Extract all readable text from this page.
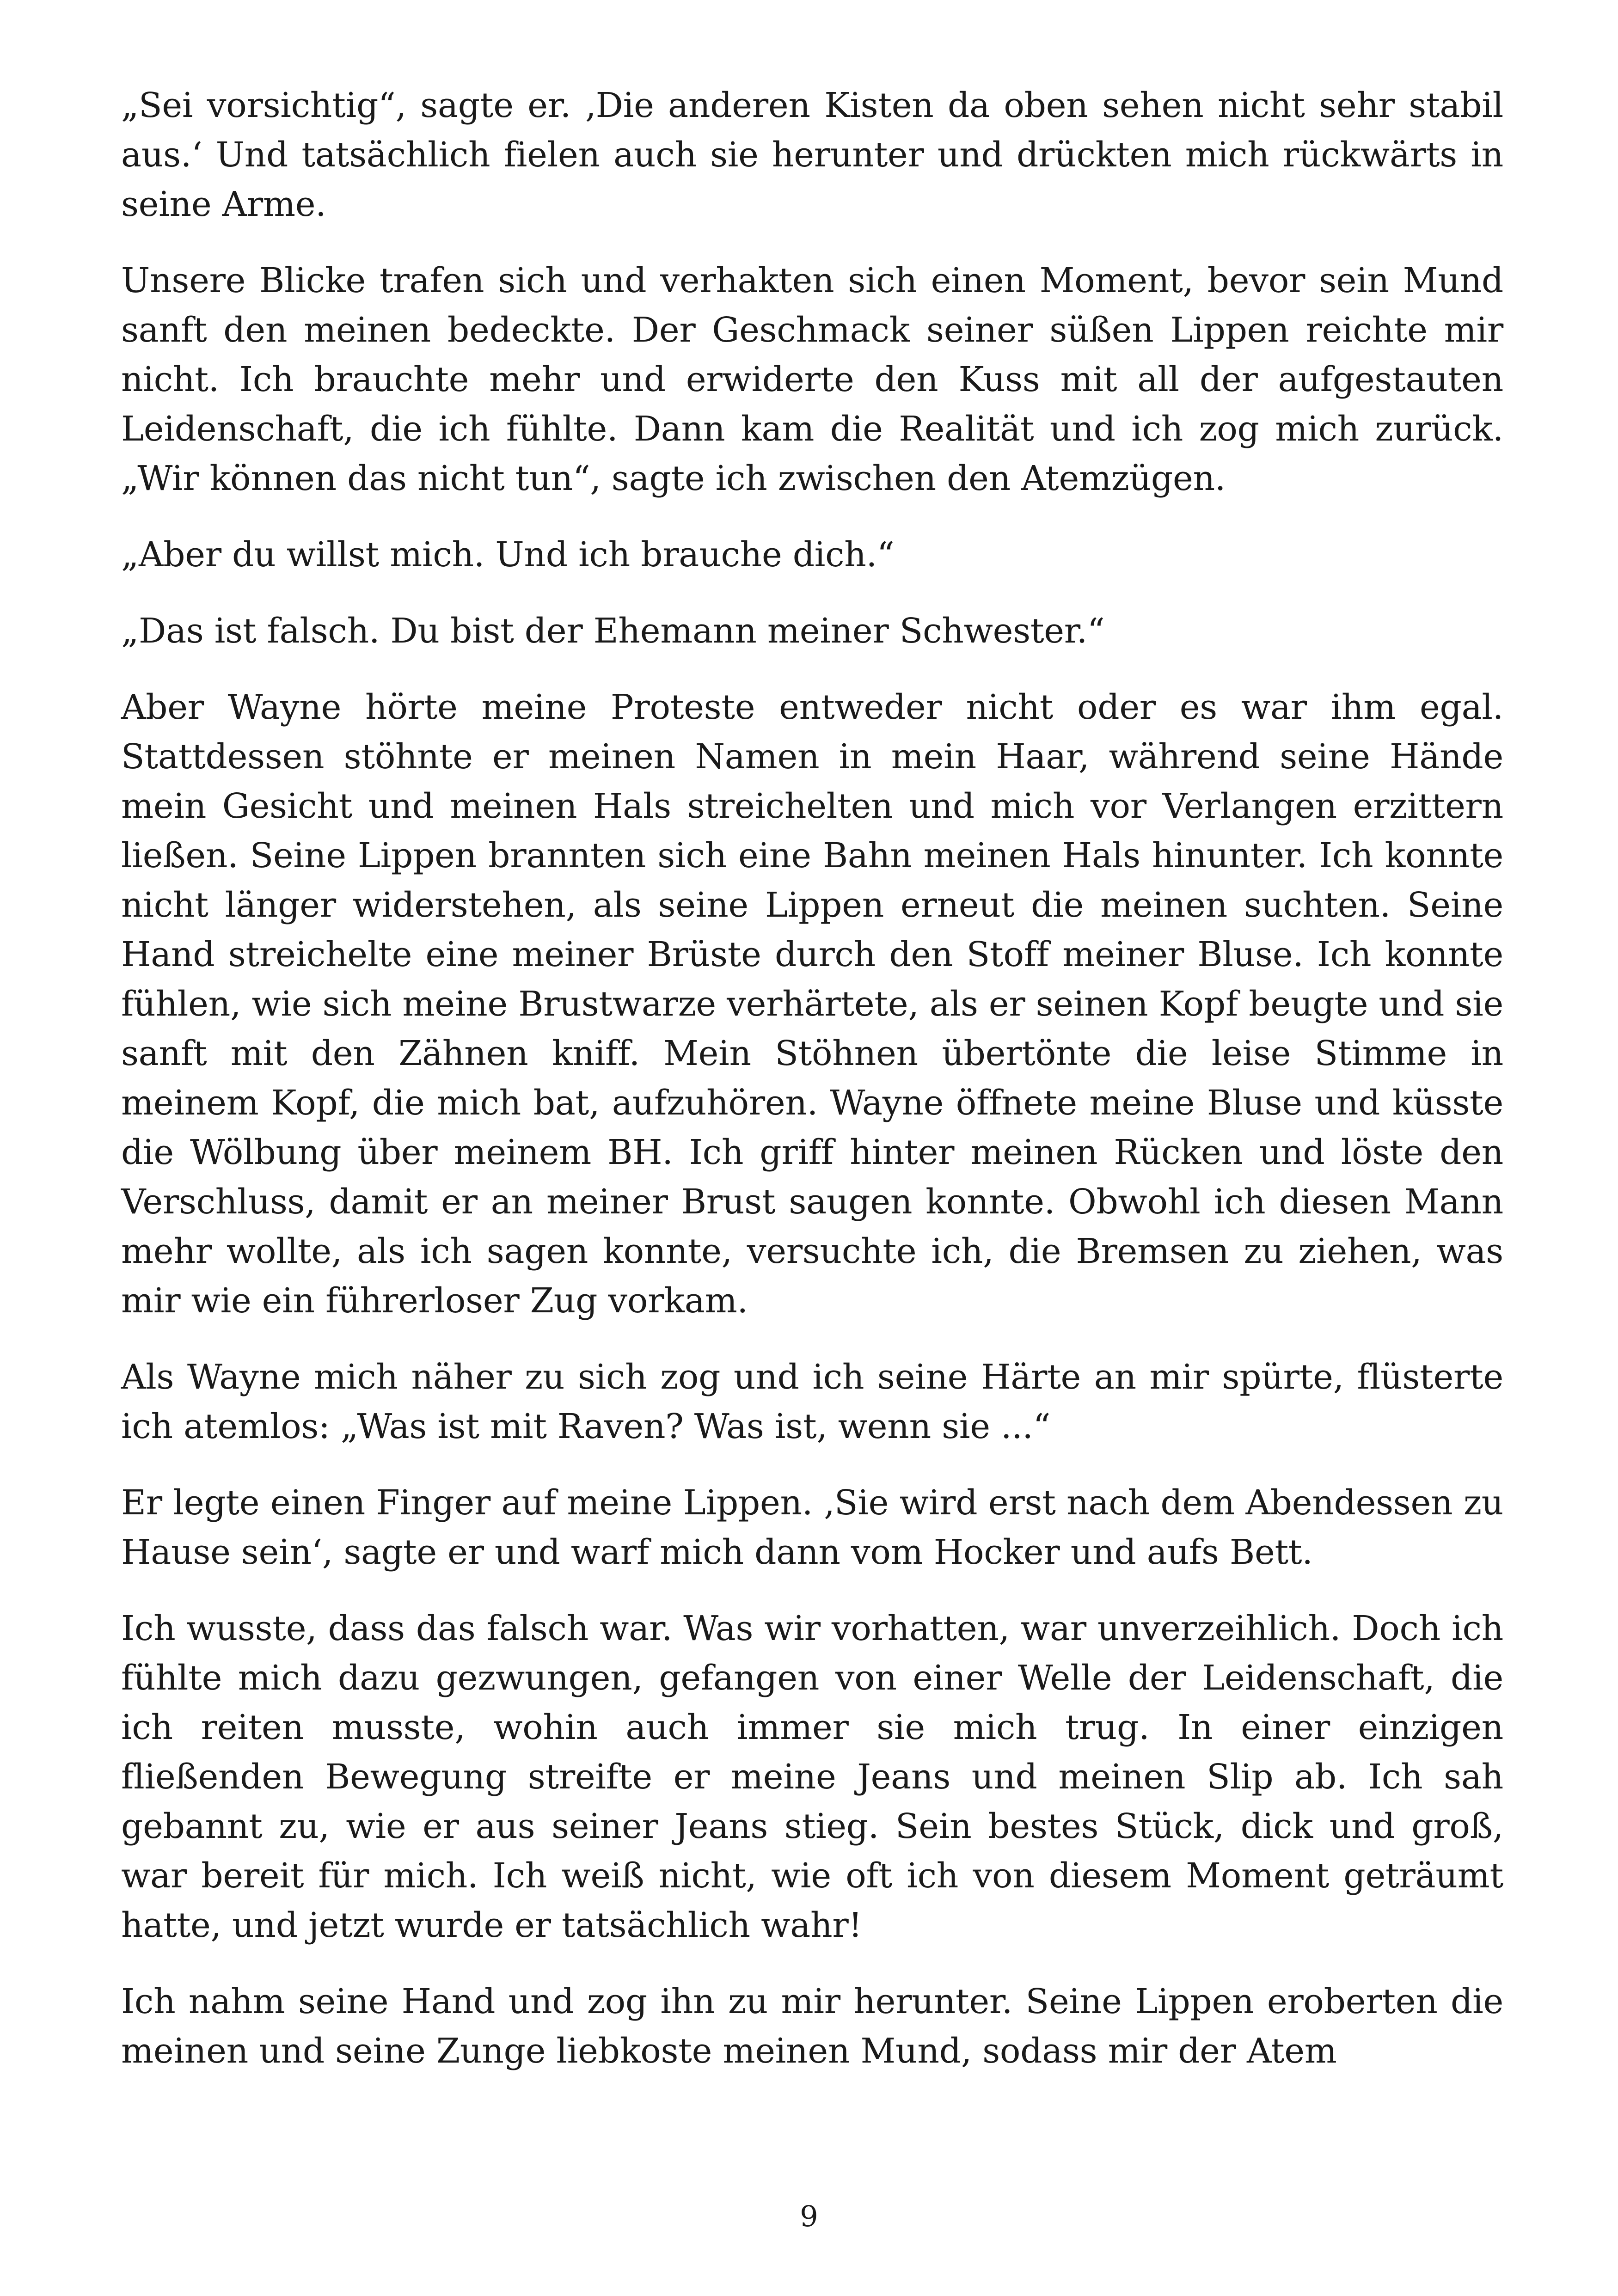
„Sei vorsichtig“, sagte er. ‚Die anderen Kisten da oben sehen nicht sehr stabil aus.‘ Und tatsächlich fielen auch sie herunter und drückten mich rückwärts in seine Arme.

Unsere Blicke trafen sich und verhakten sich einen Moment, bevor sein Mund sanft den meinen bedeckte. Der Geschmack seiner süßen Lippen reichte mir nicht. Ich brauchte mehr und erwiderte den Kuss mit all der aufgestauten Leidenschaft, die ich fühlte. Dann kam die Realität und ich zog mich zurück. „Wir können das nicht tun“, sagte ich zwischen den Atemzügen.

„Aber du willst mich. Und ich brauche dich.“

„Das ist falsch. Du bist der Ehemann meiner Schwester.“

Aber Wayne hörte meine Proteste entweder nicht oder es war ihm egal. Stattdessen stöhnte er meinen Namen in mein Haar, während seine Hände mein Gesicht und meinen Hals streichelten und mich vor Verlangen erzittern ließen. Seine Lippen brannten sich eine Bahn meinen Hals hinunter. Ich konnte nicht länger widerstehen, als seine Lippen erneut die meinen suchten. Seine Hand streichelte eine meiner Brüste durch den Stoff meiner Bluse. Ich konnte fühlen, wie sich meine Brustwarze verhärtete, als er seinen Kopf beugte und sie sanft mit den Zähnen kniff. Mein Stöhnen übertönte die leise Stimme in meinem Kopf, die mich bat, aufzuhören. Wayne öffnete meine Bluse und küsste die Wölbung über meinem BH. Ich griff hinter meinen Rücken und löste den Verschluss, damit er an meiner Brust saugen konnte. Obwohl ich diesen Mann mehr wollte, als ich sagen konnte, versuchte ich, die Bremsen zu ziehen, was mir wie ein führerloser Zug vorkam.

Als Wayne mich näher zu sich zog und ich seine Härte an mir spürte, flüsterte ich atemlos: „Was ist mit Raven? Was ist, wenn sie ...“

Er legte einen Finger auf meine Lippen. ‚Sie wird erst nach dem Abendessen zu Hause sein‘, sagte er und warf mich dann vom Hocker und aufs Bett.

Ich wusste, dass das falsch war. Was wir vorhatten, war unverzeihlich. Doch ich fühlte mich dazu gezwungen, gefangen von einer Welle der Leidenschaft, die ich reiten musste, wohin auch immer sie mich trug. In einer einzigen fließenden Bewegung streifte er meine Jeans und meinen Slip ab. Ich sah gebannt zu, wie er aus seiner Jeans stieg. Sein bestes Stück, dick und groß, war bereit für mich. Ich weiß nicht, wie oft ich von diesem Moment geträumt hatte, und jetzt wurde er tatsächlich wahr!

Ich nahm seine Hand und zog ihn zu mir herunter. Seine Lippen eroberten die meinen und seine Zunge liebkoste meinen Mund, sodass mir der Atem

9
